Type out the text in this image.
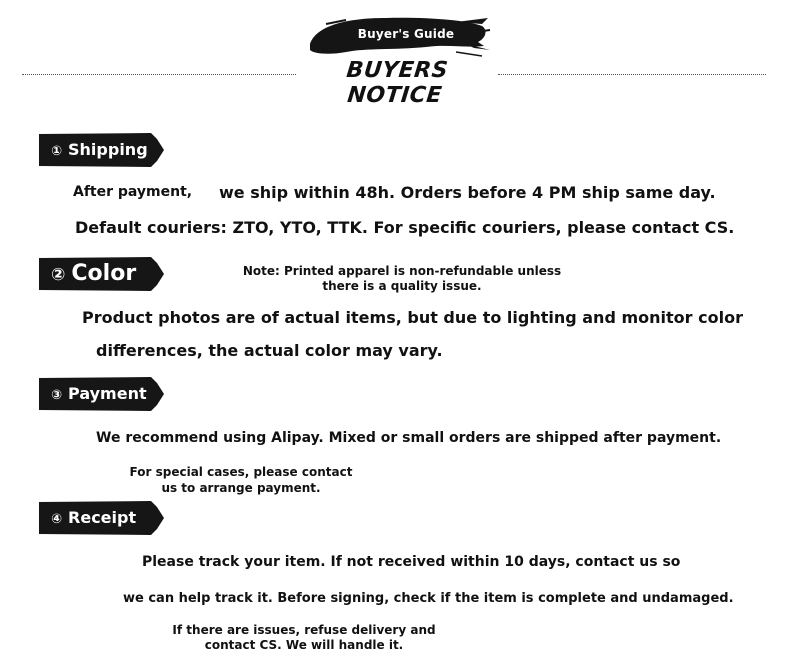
Buyer's Guide
BUYERS NOTICE
① Shipping
After payment, we ship within 48h. Orders before 4 PM ship same day.
Default couriers: ZTO, YTO, TTK. For specific couriers, please contact CS.
② Color	Note: Printed apparel is non-refundable unless
there is a quality issue.
Product photos are of actual items, but due to lighting and monitor color
differences, the actual color may vary.
③ Payment
We recommend using Alipay. Mixed or small orders are shipped after payment.
For special cases, please contact
us to arrange payment.
④ Receipt
Please track your item. If not received within 10 days, contact us so
we can help track it. Before signing, check if the item is complete and undamaged.
If there are issues, refuse delivery and
contact CS. We will handle it.
